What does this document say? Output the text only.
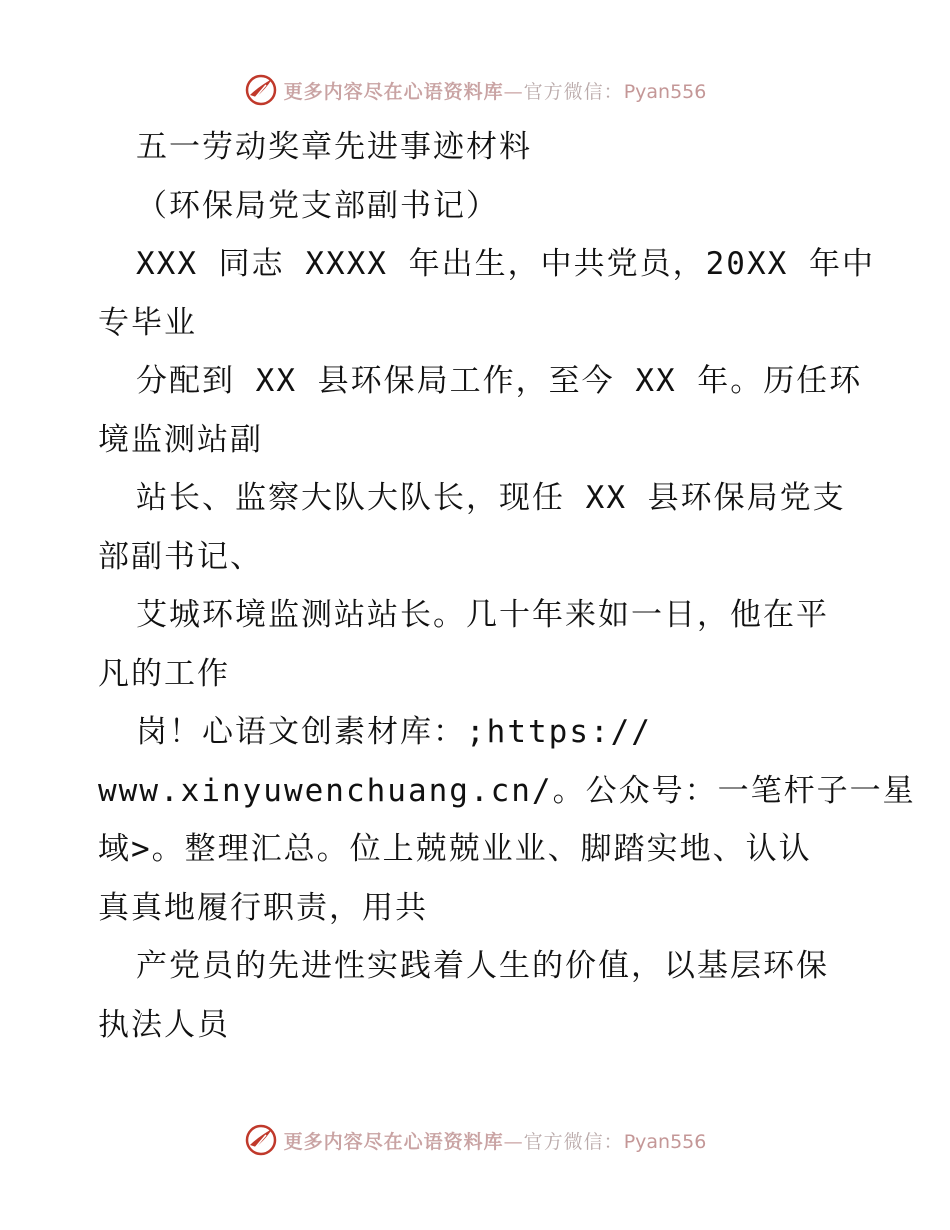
更多内容尽在心语资料库—官方微信：Pyan556
五一劳动奖章先进事迹材料
（环保局党支部副书记）
XXX 同志 XXXX 年出生，中共党员，20XX 年中
专毕业
分配到 XX 县环保局工作，至今 XX 年。历任环
境监测站副
站长、监察大队大队长，现任 XX 县环保局党支
部副书记、
艾城环境监测站站长。几十年来如一日，他在平
凡的工作
岗！心语文创素材库：;https://
www.xinyuwenchuang.cn/。公众号：一笔杆子一星
域>。整理汇总。位上兢兢业业、脚踏实地、认认
真真地履行职责，用共
产党员的先进性实践着人生的价值，以基层环保
执法人员
更多内容尽在心语资料库—官方微信：Pyan556
